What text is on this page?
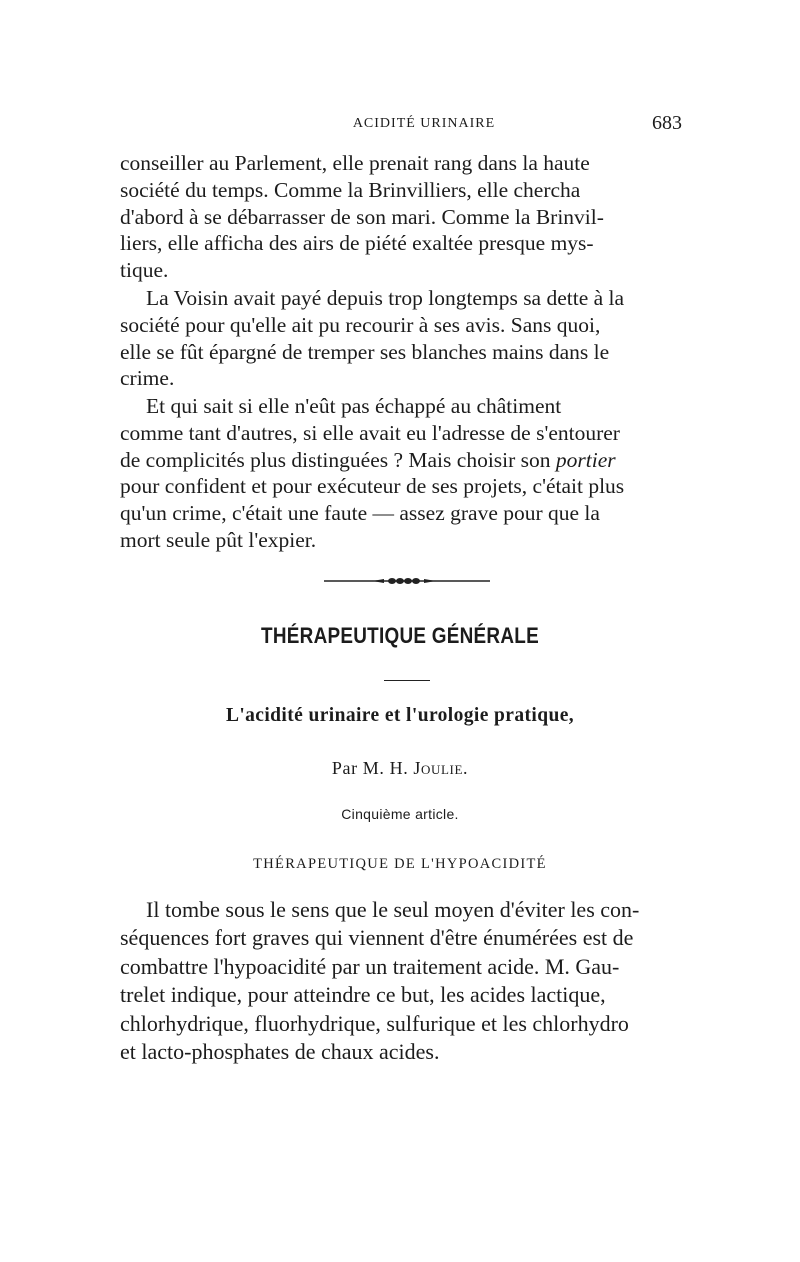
ACIDITÉ URINAIRE	683

conseiller au Parlement, elle prenait rang dans la haute
société du temps. Comme la Brinvilliers, elle chercha
d'abord à se débarrasser de son mari. Comme la Brinvil-
liers, elle afficha des airs de piété exaltée presque mys-
tique.

La Voisin avait payé depuis trop longtemps sa dette à la
société pour qu'elle ait pu recourir à ses avis. Sans quoi,
elle se fût épargné de tremper ses blanches mains dans le
crime.

Et qui sait si elle n'eût pas échappé au châtiment
comme tant d'autres, si elle avait eu l'adresse de s'entourer
de complicités plus distinguées ? Mais choisir son portier
pour confident et pour exécuteur de ses projets, c'était plus
qu'un crime, c'était une faute — assez grave pour que la
mort seule pût l'expier.

THÉRAPEUTIQUE GÉNÉRALE
L'acidité urinaire et l'urologie pratique,
Par M. H. Joulie.
Cinquième article.
THÉRAPEUTIQUE DE L'HYPOACIDITÉ

Il tombe sous le sens que le seul moyen d'éviter les con-
séquences fort graves qui viennent d'être énumérées est de
combattre l'hypoacidité par un traitement acide. M. Gau-
trelet indique, pour atteindre ce but, les acides lactique,
chlorhydrique, fluorhydrique, sulfurique et les chlorhydro
et lacto-phosphates de chaux acides.
